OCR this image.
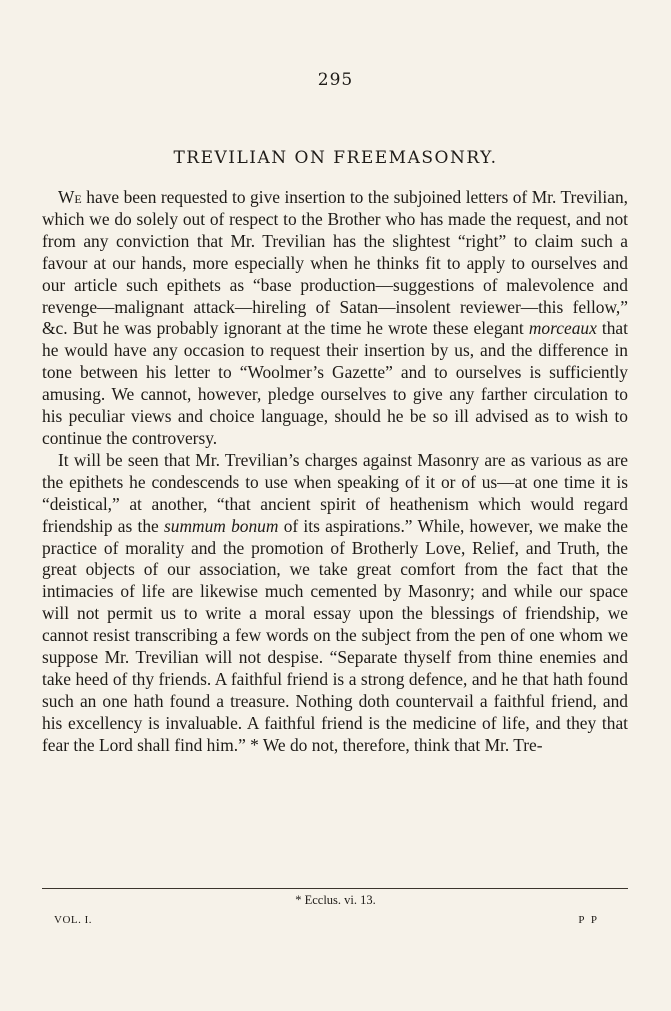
295
TREVILIAN ON FREEMASONRY.

We have been requested to give insertion to the subjoined letters of Mr. Trevilian, which we do solely out of respect to the Brother who has made the request, and not from any conviction that Mr. Trevilian has the slightest “right” to claim such a favour at our hands, more especially when he thinks fit to apply to ourselves and our article such epithets as “base production—suggestions of malevolence and revenge—malignant attack—hireling of Satan—insolent reviewer—this fellow,” &c. But he was probably ignorant at the time he wrote these elegant morceaux that he would have any occasion to request their insertion by us, and the difference in tone between his letter to “Woolmer’s Gazette” and to ourselves is sufficiently amusing. We cannot, however, pledge ourselves to give any farther circulation to his peculiar views and choice language, should he be so ill advised as to wish to continue the controversy.

It will be seen that Mr. Trevilian’s charges against Masonry are as various as are the epithets he condescends to use when speaking of it or of us—at one time it is “deistical,” at another, “that ancient spirit of heathenism which would regard friendship as the summum bonum of its aspirations.” While, however, we make the practice of morality and the promotion of Brotherly Love, Relief, and Truth, the great objects of our association, we take great comfort from the fact that the intimacies of life are likewise much cemented by Masonry; and while our space will not permit us to write a moral essay upon the blessings of friendship, we cannot resist transcribing a few words on the subject from the pen of one whom we suppose Mr. Trevilian will not despise. “Separate thyself from thine enemies and take heed of thy friends. A faithful friend is a strong defence, and he that hath found such an one hath found a treasure. Nothing doth countervail a faithful friend, and his excellency is invaluable. A faithful friend is the medicine of life, and they that fear the Lord shall find him.” * We do not, therefore, think that Mr. Tre-

* Ecclus. vi. 13.
VOL. I.	P P
